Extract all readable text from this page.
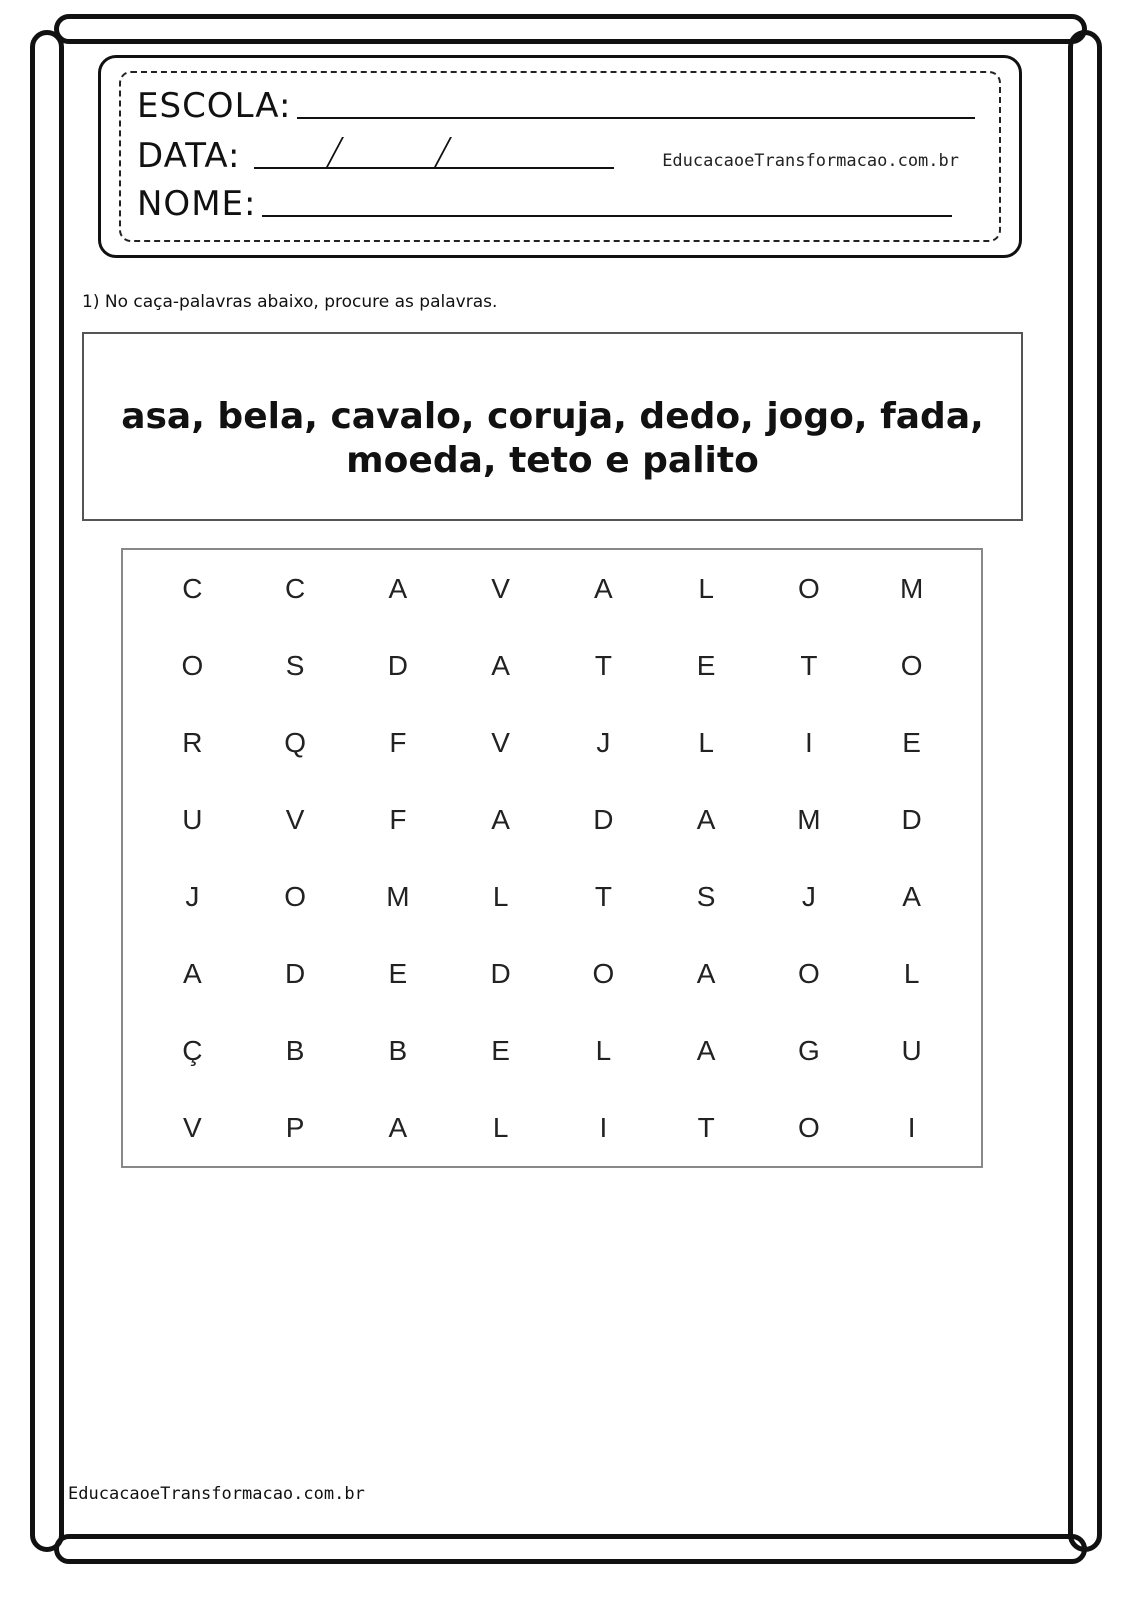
ESCOLA:
DATA:
NOME:
EducacaoeTransformacao.com.br
1) No caça-palavras abaixo, procure as palavras.
asa, bela, cavalo, coruja, dedo, jogo, fada, moeda, teto e palito
C	C	A	V	A	L	O	M
O	S	D	A	T	E	T	O
R	Q	F	V	J	L	I	E
U	V	F	A	D	A	M	D
J	O	M	L	T	S	J	A
A	D	E	D	O	A	O	L
Ç	B	B	E	L	A	G	U
V	P	A	L	I	T	O	I
EducacaoeTransformacao.com.br
